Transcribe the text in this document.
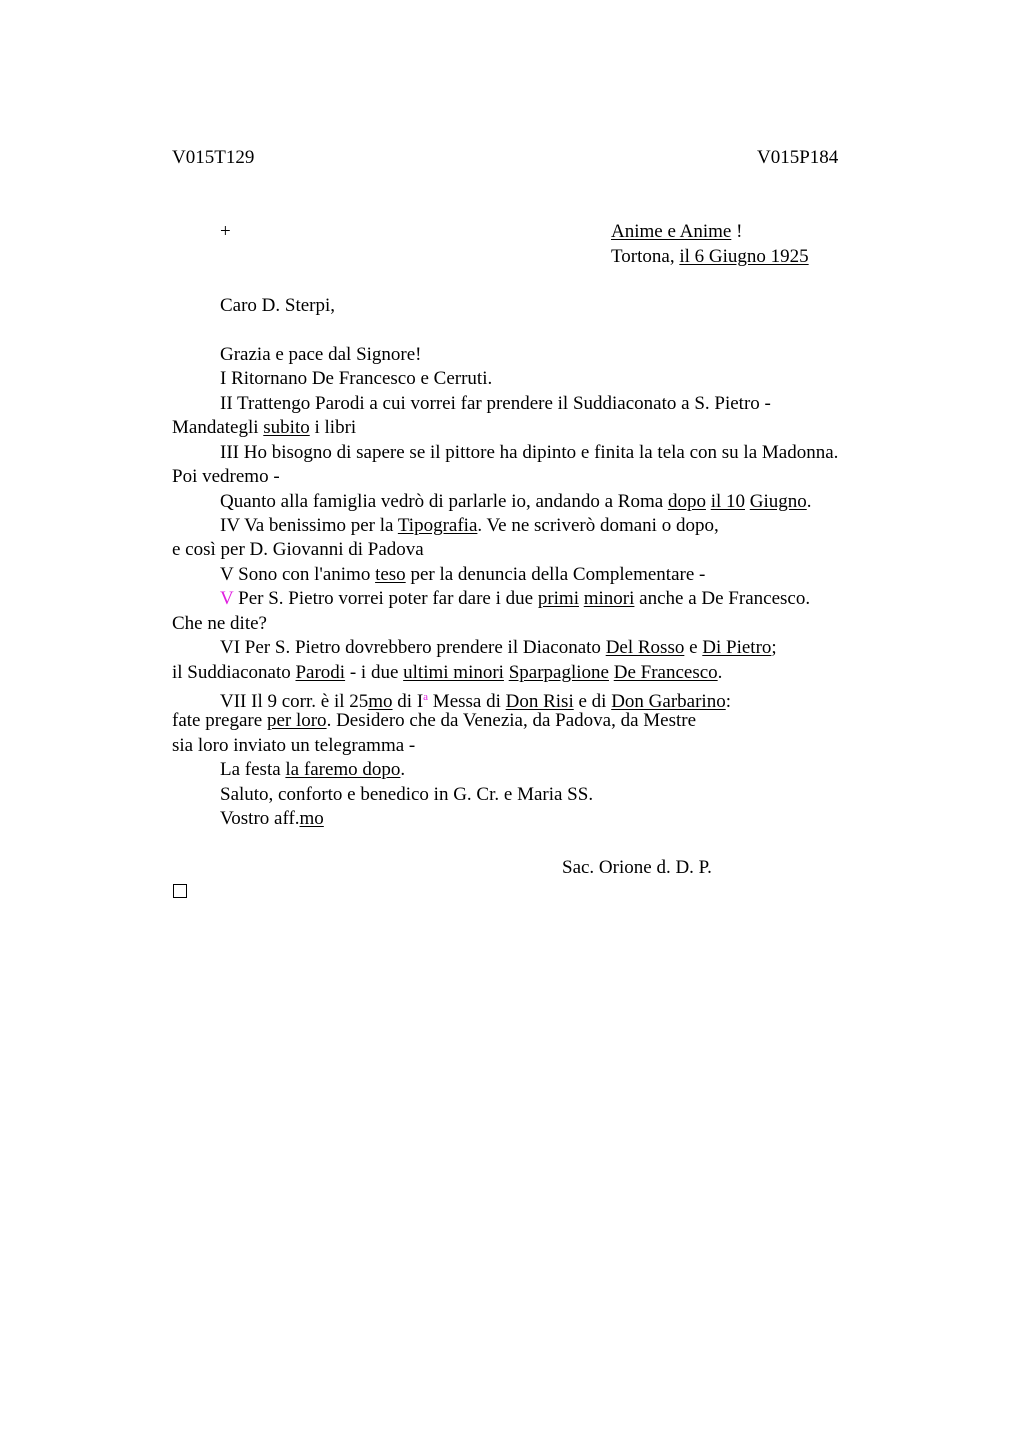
V015T129	V015P184
+	Anime e Anime !
Tortona, il 6 Giugno 1925
Caro D. Sterpi,
Grazia e pace dal Signore!
I Ritornano De Francesco e Cerruti.
II Trattengo Parodi a cui vorrei far prendere il Suddiaconato a S. Pietro -
Mandategli subito i libri
III Ho bisogno di sapere se il pittore ha dipinto e finita la tela con su la Madonna.
Poi vedremo -
Quanto alla famiglia vedrò di parlarle io, andando a Roma dopo il 10 Giugno.
IV Va benissimo per la Tipografia. Ve ne scriverò domani o dopo,
e così per D. Giovanni di Padova
V Sono con l'animo teso per la denuncia della Complementare -
V Per S. Pietro vorrei poter far dare i due primi minori anche a De Francesco.
Che ne dite?
VI Per S. Pietro dovrebbero prendere il Diaconato Del Rosso e Di Pietro;
il Suddiaconato Parodi - i due ultimi minori Sparpaglione De Francesco.
VII Il 9 corr. è il 25mo di $I^a$ Messa di Don Risi e di Don Garbarino:
fate pregare per loro. Desidero che da Venezia, da Padova, da Mestre
sia loro inviato un telegramma -
La festa la faremo dopo.
Saluto, conforto e benedico in G. Cr. e Maria SS.
Vostro aff.mo
Sac. Orione d. D. P.
